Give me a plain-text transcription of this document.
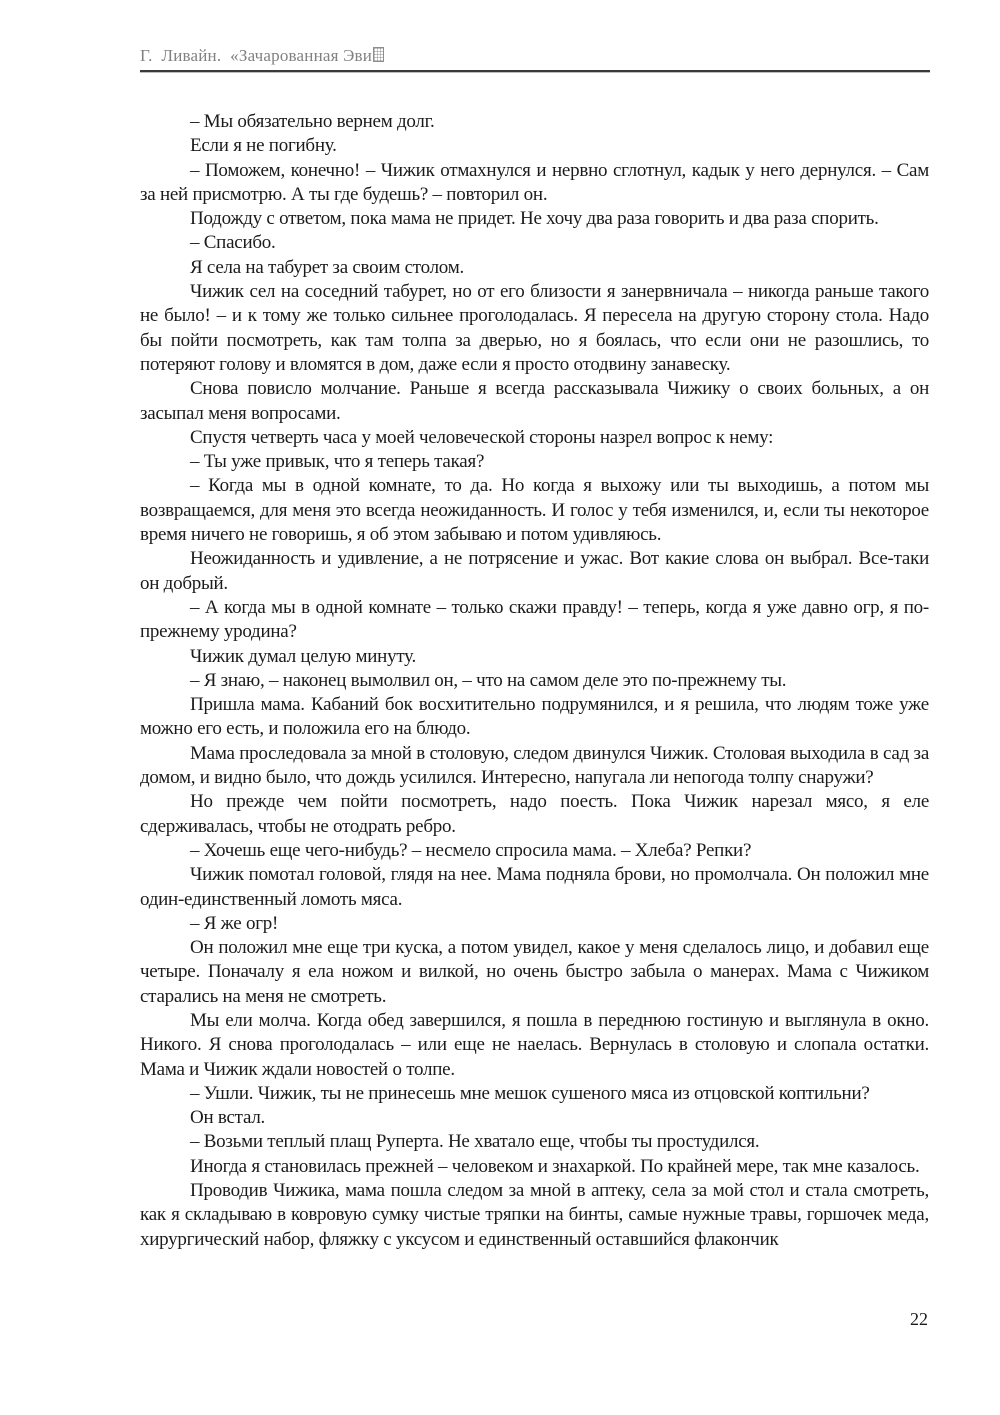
Г.  Ливайн.  «Зачарованная Эви

– Мы обязательно вернем долг.

Если я не погибну.

– Поможем, конечно! – Чижик отмахнулся и нервно сглотнул, кадык у него дернулся. – Сам за ней присмотрю. А ты где будешь? – повторил он.

Подожду с ответом, пока мама не придет. Не хочу два раза говорить и два раза спорить.

– Спасибо.

Я села на табурет за своим столом.

Чижик сел на соседний табурет, но от его близости я занервничала – никогда раньше такого не было! – и к тому же только сильнее проголодалась. Я пересела на другую сторону стола. Надо бы пойти посмотреть, как там толпа за дверью, но я боялась, что если они не разошлись, то потеряют голову и вломятся в дом, даже если я просто отодвину занавеску.

Снова повисло молчание. Раньше я всегда рассказывала Чижику о своих больных, а он засыпал меня вопросами.

Спустя четверть часа у моей человеческой стороны назрел вопрос к нему:

– Ты уже привык, что я теперь такая?

– Когда мы в одной комнате, то да. Но когда я выхожу или ты выходишь, а потом мы возвращаемся, для меня это всегда неожиданность. И голос у тебя изменился, и, если ты некоторое время ничего не говоришь, я об этом забываю и потом удивляюсь.

Неожиданность и удивление, а не потрясение и ужас. Вот какие слова он выбрал. Все-таки он добрый.

– А когда мы в одной комнате – только скажи правду! – теперь, когда я уже давно огр, я по-прежнему уродина?

Чижик думал целую минуту.

– Я знаю, – наконец вымолвил он, – что на самом деле это по-прежнему ты.

Пришла мама. Кабаний бок восхитительно подрумянился, и я решила, что людям тоже уже можно его есть, и положила его на блюдо.

Мама проследовала за мной в столовую, следом двинулся Чижик. Столовая выходила в сад за домом, и видно было, что дождь усилился. Интересно, напугала ли непогода толпу снаружи?

Но прежде чем пойти посмотреть, надо поесть. Пока Чижик нарезал мясо, я еле сдерживалась, чтобы не отодрать ребро.

– Хочешь еще чего-нибудь? – несмело спросила мама. – Хлеба? Репки?

Чижик помотал головой, глядя на нее. Мама подняла брови, но промолчала. Он положил мне один-единственный ломоть мяса.

– Я же огр!

Он положил мне еще три куска, а потом увидел, какое у меня сделалось лицо, и добавил еще четыре. Поначалу я ела ножом и вилкой, но очень быстро забыла о манерах. Мама с Чижиком старались на меня не смотреть.

Мы ели молча. Когда обед завершился, я пошла в переднюю гостиную и выглянула в окно. Никого. Я снова проголодалась – или еще не наелась. Вернулась в столовую и слопала остатки. Мама и Чижик ждали новостей о толпе.

– Ушли. Чижик, ты не принесешь мне мешок сушеного мяса из отцовской коптильни?

Он встал.

– Возьми теплый плащ Руперта. Не хватало еще, чтобы ты простудился.

Иногда я становилась прежней – человеком и знахаркой. По крайней мере, так мне казалось.

Проводив Чижика, мама пошла следом за мной в аптеку, села за мой стол и стала смотреть, как я складываю в ковровую сумку чистые тряпки на бинты, самые нужные травы, горшочек меда, хирургический набор, фляжку с уксусом и единственный оставшийся флакончик

22
